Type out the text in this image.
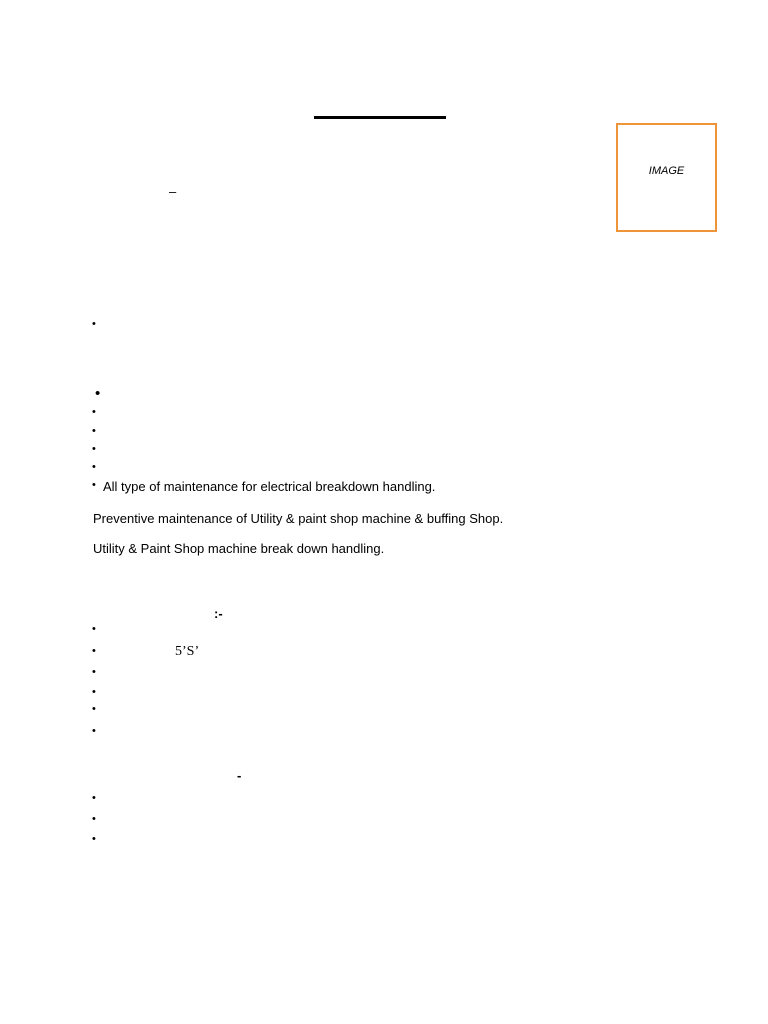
IMAGE
–
•
•
•
•
•
•
• All type of maintenance for electrical breakdown handling.
Preventive maintenance of Utility & paint shop machine & buffing Shop.
Utility & Paint Shop machine break down handling.
:-
•
•	5’S’
•
•
•
•
-
•
•
•
